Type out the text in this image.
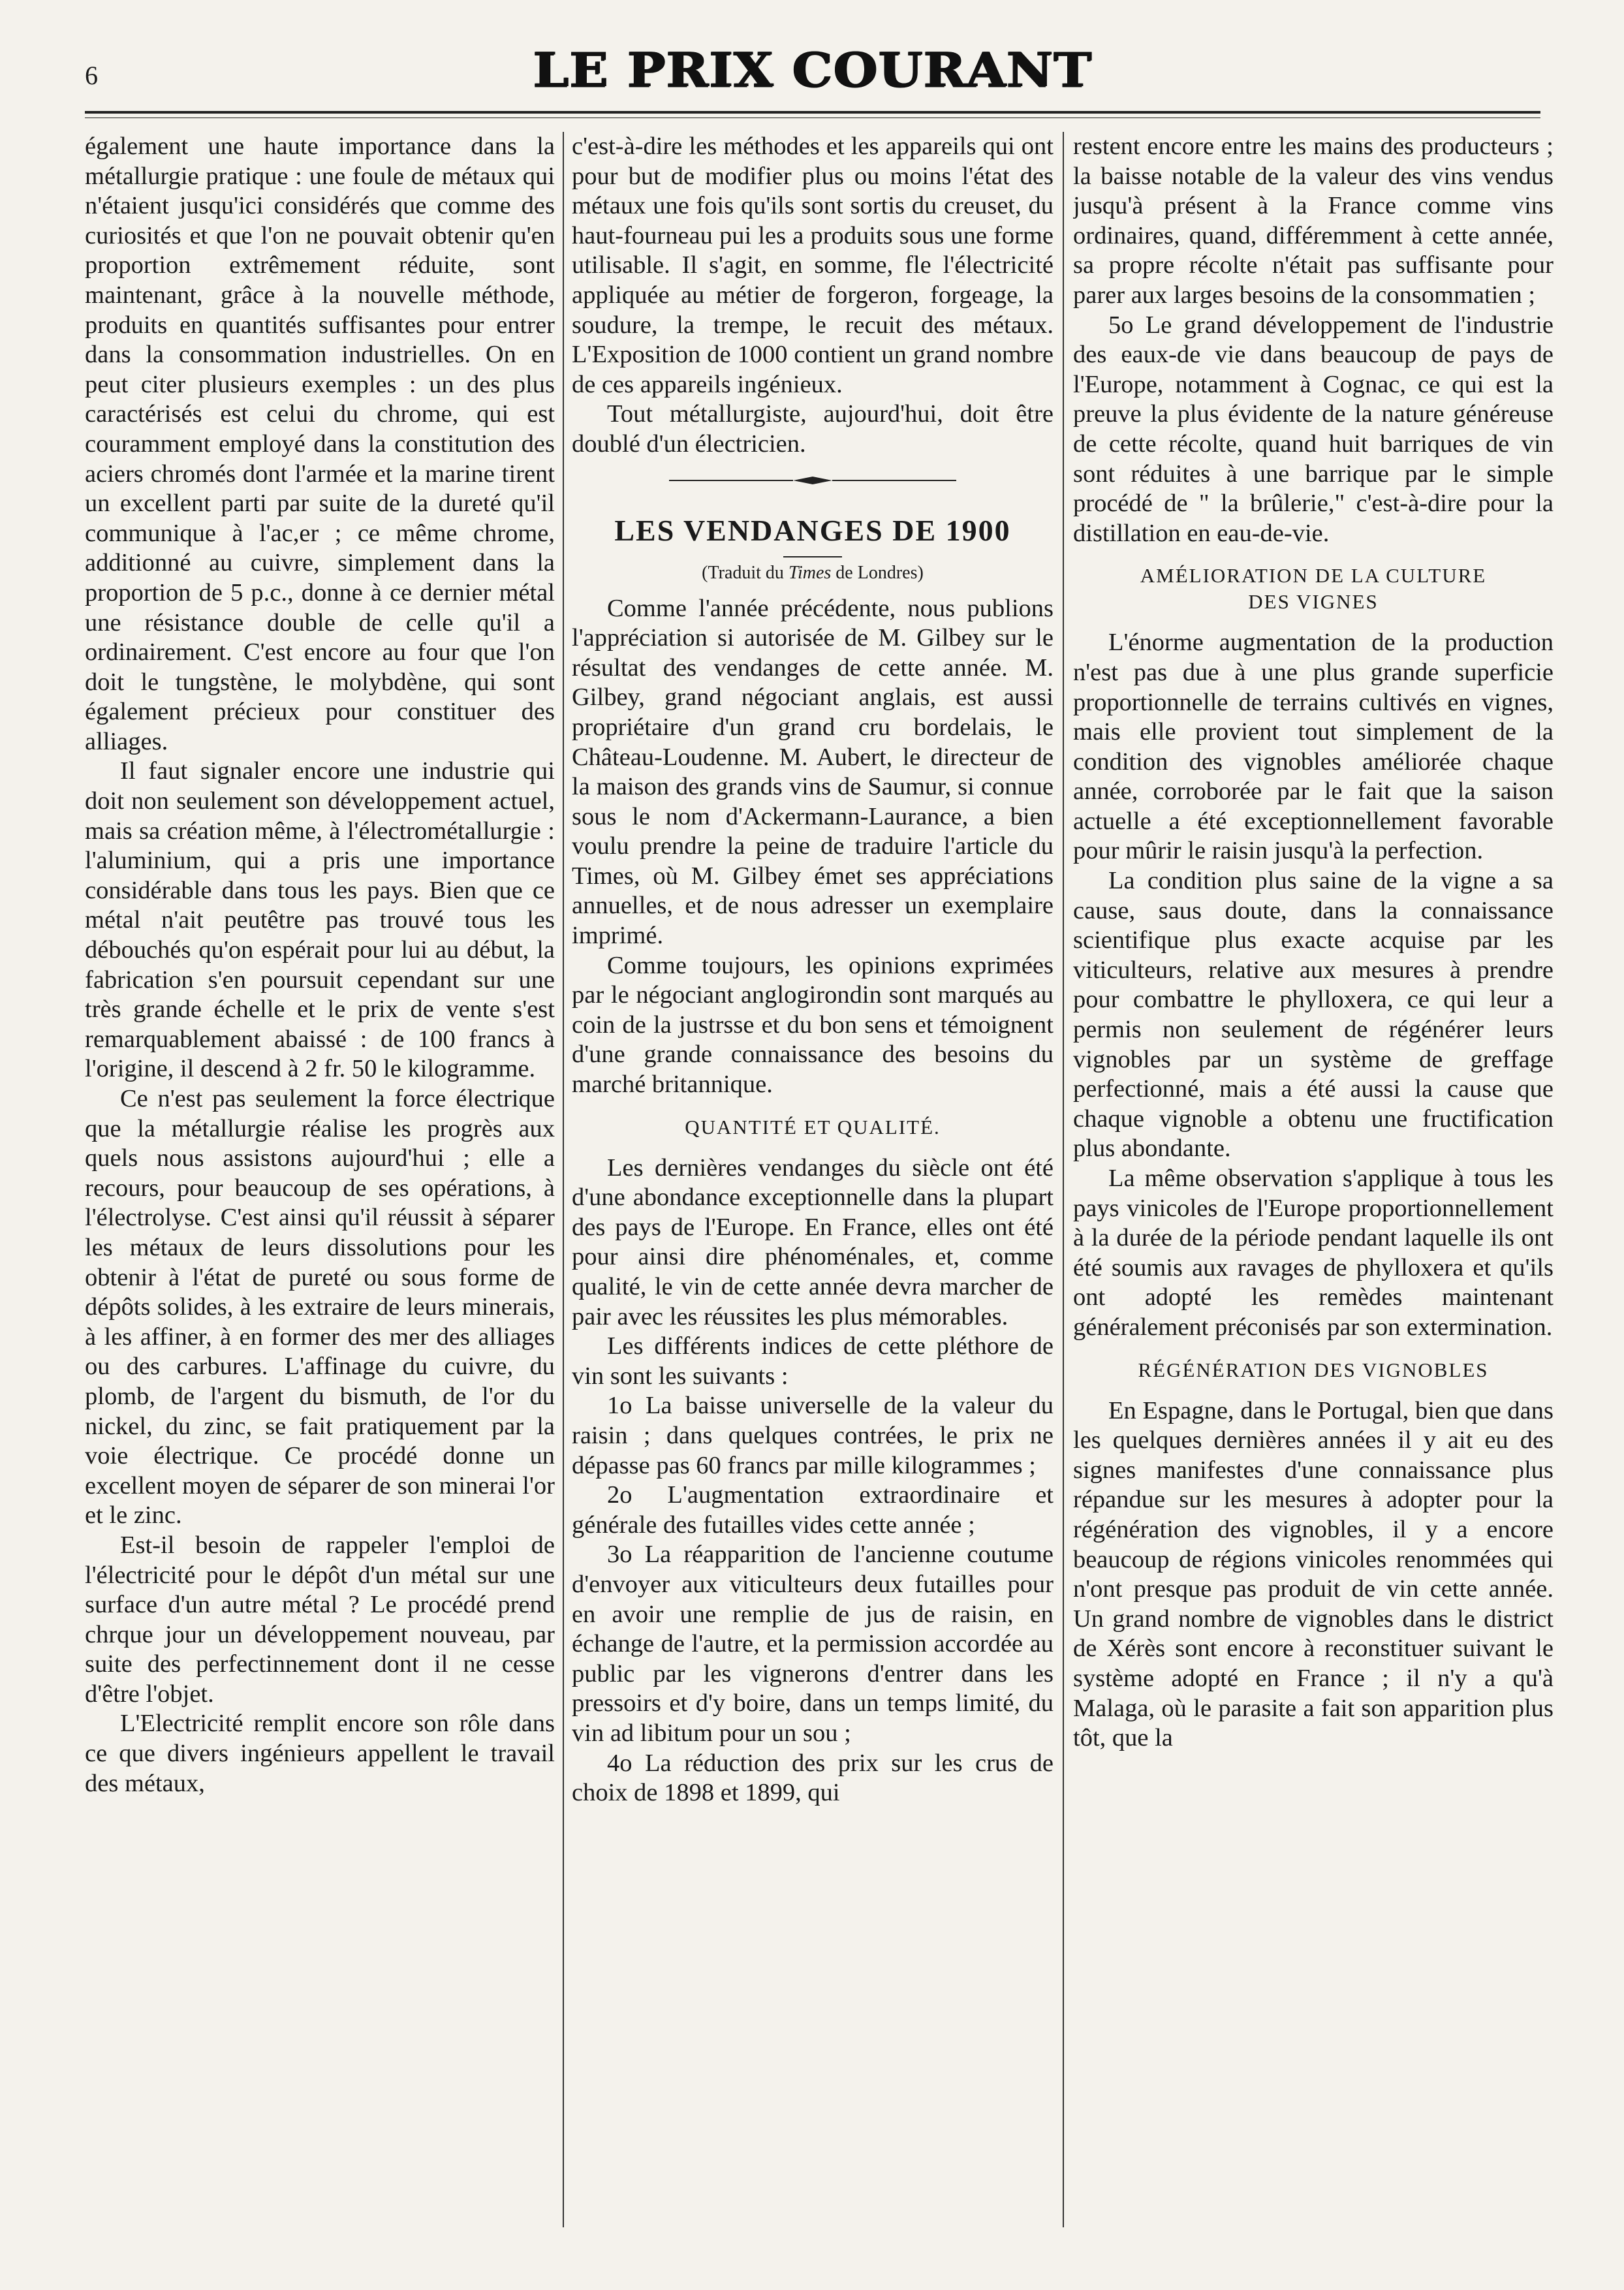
6	LE PRIX COURANT

également une haute importance dans la métallurgie pratique : une foule de métaux qui n'étaient jusqu'ici considérés que comme des curiosités et que l'on ne pouvait obtenir qu'en proportion extrêmement réduite, sont maintenant, grâce à la nouvelle méthode, produits en quantités suffisantes pour entrer dans la consommation industrielles. On en peut citer plusieurs exemples : un des plus caractérisés est celui du chrome, qui est couramment employé dans la constitution des aciers chromés dont l'armée et la marine tirent un excellent parti par suite de la dureté qu'il communique à l'ac,er ; ce même chrome, additionné au cuivre, simplement dans la proportion de 5 p.c., donne à ce dernier métal une résistance double de celle qu'il a ordinairement. C'est encore au four que l'on doit le tungstène, le molybdène, qui sont également précieux pour constituer des alliages.

Il faut signaler encore une industrie qui doit non seulement son développement actuel, mais sa création même, à l'électrométallurgie : l'aluminium, qui a pris une importance considérable dans tous les pays. Bien que ce métal n'ait peutêtre pas trouvé tous les débouchés qu'on espérait pour lui au début, la fabrication s'en poursuit cependant sur une très grande échelle et le prix de vente s'est remarquablement abaissé : de 100 francs à l'origine, il descend à 2 fr. 50 le kilogramme.

Ce n'est pas seulement la force électrique que la métallurgie réalise les progrès aux quels nous assistons aujourd'hui ; elle a recours, pour beaucoup de ses opérations, à l'électrolyse. C'est ainsi qu'il réussit à séparer les métaux de leurs dissolutions pour les obtenir à l'état de pureté ou sous forme de dépôts solides, à les extraire de leurs minerais, à les affiner, à en former des mer des alliages ou des carbures. L'affinage du cuivre, du plomb, de l'argent du bismuth, de l'or du nickel, du zinc, se fait pratiquement par la voie électrique. Ce procédé donne un excellent moyen de séparer de son minerai l'or et le zinc.

Est-il besoin de rappeler l'emploi de l'électricité pour le dépôt d'un métal sur une surface d'un autre métal ? Le procédé prend chrque jour un développement nouveau, par suite des perfectinnement dont il ne cesse d'être l'objet.

L'Electricité remplit encore son rôle dans ce que divers ingénieurs appellent le travail des métaux,

c'est-à-dire les méthodes et les appareils qui ont pour but de modifier plus ou moins l'état des métaux une fois qu'ils sont sortis du creuset, du haut-fourneau pui les a produits sous une forme utilisable. Il s'agit, en somme, fle l'électricité appliquée au métier de forgeron, forgeage, la soudure, la trempe, le recuit des métaux. L'Exposition de 1000 contient un grand nombre de ces appareils ingénieux.

Tout métallurgiste, aujourd'hui, doit être doublé d'un électricien.

LES VENDANGES DE 1900
(Traduit du Times de Londres)

Comme l'année précédente, nous publions l'appréciation si autorisée de M. Gilbey sur le résultat des vendanges de cette année. M. Gilbey, grand négociant anglais, est aussi propriétaire d'un grand cru bordelais, le Château-Loudenne. M. Aubert, le directeur de la maison des grands vins de Saumur, si connue sous le nom d'Ackermann-Laurance, a bien voulu prendre la peine de traduire l'article du Times, où M. Gilbey émet ses appréciations annuelles, et de nous adresser un exemplaire imprimé.

Comme toujours, les opinions exprimées par le négociant anglogirondin sont marqués au coin de la justrsse et du bon sens et témoignent d'une grande connaissance des besoins du marché britannique.

QUANTITÉ ET QUALITÉ.

Les dernières vendanges du siècle ont été d'une abondance exceptionnelle dans la plupart des pays de l'Europe. En France, elles ont été pour ainsi dire phénoménales, et, comme qualité, le vin de cette année devra marcher de pair avec les réussites les plus mémorables.

Les différents indices de cette pléthore de vin sont les suivants :

1o La baisse universelle de la valeur du raisin ; dans quelques contrées, le prix ne dépasse pas 60 francs par mille kilogrammes ;

2o L'augmentation extraordinaire et générale des futailles vides cette année ;

3o La réapparition de l'ancienne coutume d'envoyer aux viticulteurs deux futailles pour en avoir une remplie de jus de raisin, en échange de l'autre, et la permission accordée au public par les vignerons d'entrer dans les pressoirs et d'y boire, dans un temps limité, du vin ad libitum pour un sou ;

4o La réduction des prix sur les crus de choix de 1898 et 1899, qui

restent encore entre les mains des producteurs ; la baisse notable de la valeur des vins vendus jusqu'à présent à la France comme vins ordinaires, quand, différemment à cette année, sa propre récolte n'était pas suffisante pour parer aux larges besoins de la consommatien ;

5o Le grand développement de l'industrie des eaux-de vie dans beaucoup de pays de l'Europe, notamment à Cognac, ce qui est la preuve la plus évidente de la nature généreuse de cette récolte, quand huit barriques de vin sont réduites à une barrique par le simple procédé de " la brûlerie," c'est-à-dire pour la distillation en eau-de-vie.

AMÉLIORATION DE LA CULTURE
DES VIGNES

L'énorme augmentation de la production n'est pas due à une plus grande superficie proportionnelle de terrains cultivés en vignes, mais elle provient tout simplement de la condition des vignobles améliorée chaque année, corroborée par le fait que la saison actuelle a été exceptionnellement favorable pour mûrir le raisin jusqu'à la perfection.

La condition plus saine de la vigne a sa cause, saus doute, dans la connaissance scientifique plus exacte acquise par les viticulteurs, relative aux mesures à prendre pour combattre le phylloxera, ce qui leur a permis non seulement de régénérer leurs vignobles par un système de greffage perfectionné, mais a été aussi la cause que chaque vignoble a obtenu une fructification plus abondante.

La même observation s'applique à tous les pays vinicoles de l'Europe proportionnellement à la durée de la période pendant laquelle ils ont été soumis aux ravages de phylloxera et qu'ils ont adopté les remèdes maintenant généralement préconisés par son extermination.

RÉGÉNÉRATION DES VIGNOBLES

En Espagne, dans le Portugal, bien que dans les quelques dernières années il y ait eu des signes manifestes d'une connaissance plus répandue sur les mesures à adopter pour la régénération des vignobles, il y a encore beaucoup de régions vinicoles renommées qui n'ont presque pas produit de vin cette année. Un grand nombre de vignobles dans le district de Xérès sont encore à reconstituer suivant le système adopté en France ; il n'y a qu'à Malaga, où le parasite a fait son apparition plus tôt, que la
